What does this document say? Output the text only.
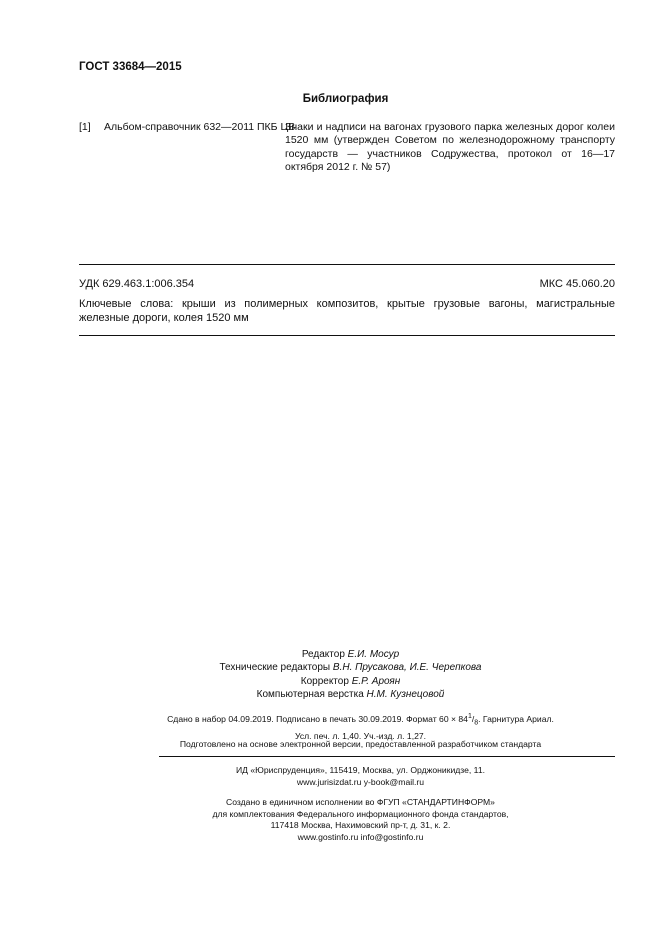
ГОСТ 33684—2015
Библиография
[1] Альбом-справочник 632—2011 ПКБ ЦВ
Знаки и надписи на вагонах грузового парка железных дорог колеи 1520 мм (утвержден Советом по железнодорожному транспорту государств — участников Содружества, протокол от 16—17 октября 2012 г. № 57)
УДК 629.463.1:006.354	МКС 45.060.20
Ключевые слова: крыши из полимерных композитов, крытые грузовые вагоны, магистральные железные дороги, колея 1520 мм
Редактор Е.И. Мосур
Технические редакторы В.Н. Прусакова, И.Е. Черепкова
Корректор Е.Р. Ароян
Компьютерная верстка Н.М. Кузнецовой
Сдано в набор 04.09.2019. Подписано в печать 30.09.2019. Формат $60 \times 84^1/_8$. Гарнитура Ариал.
Усл. печ. л. 1,40. Уч.-изд. л. 1,27.
Подготовлено на основе электронной версии, предоставленной разработчиком стандарта
ИД «Юриспруденция», 115419, Москва, ул. Орджоникидзе, 11.
www.jurisizdat.ru y-book@mail.ru
Создано в единичном исполнении во ФГУП «СТАНДАРТИНФОРМ»
для комплектования Федерального информационного фонда стандартов,
117418 Москва, Нахимовский пр-т, д. 31, к. 2.
www.gostinfo.ru info@gostinfo.ru
